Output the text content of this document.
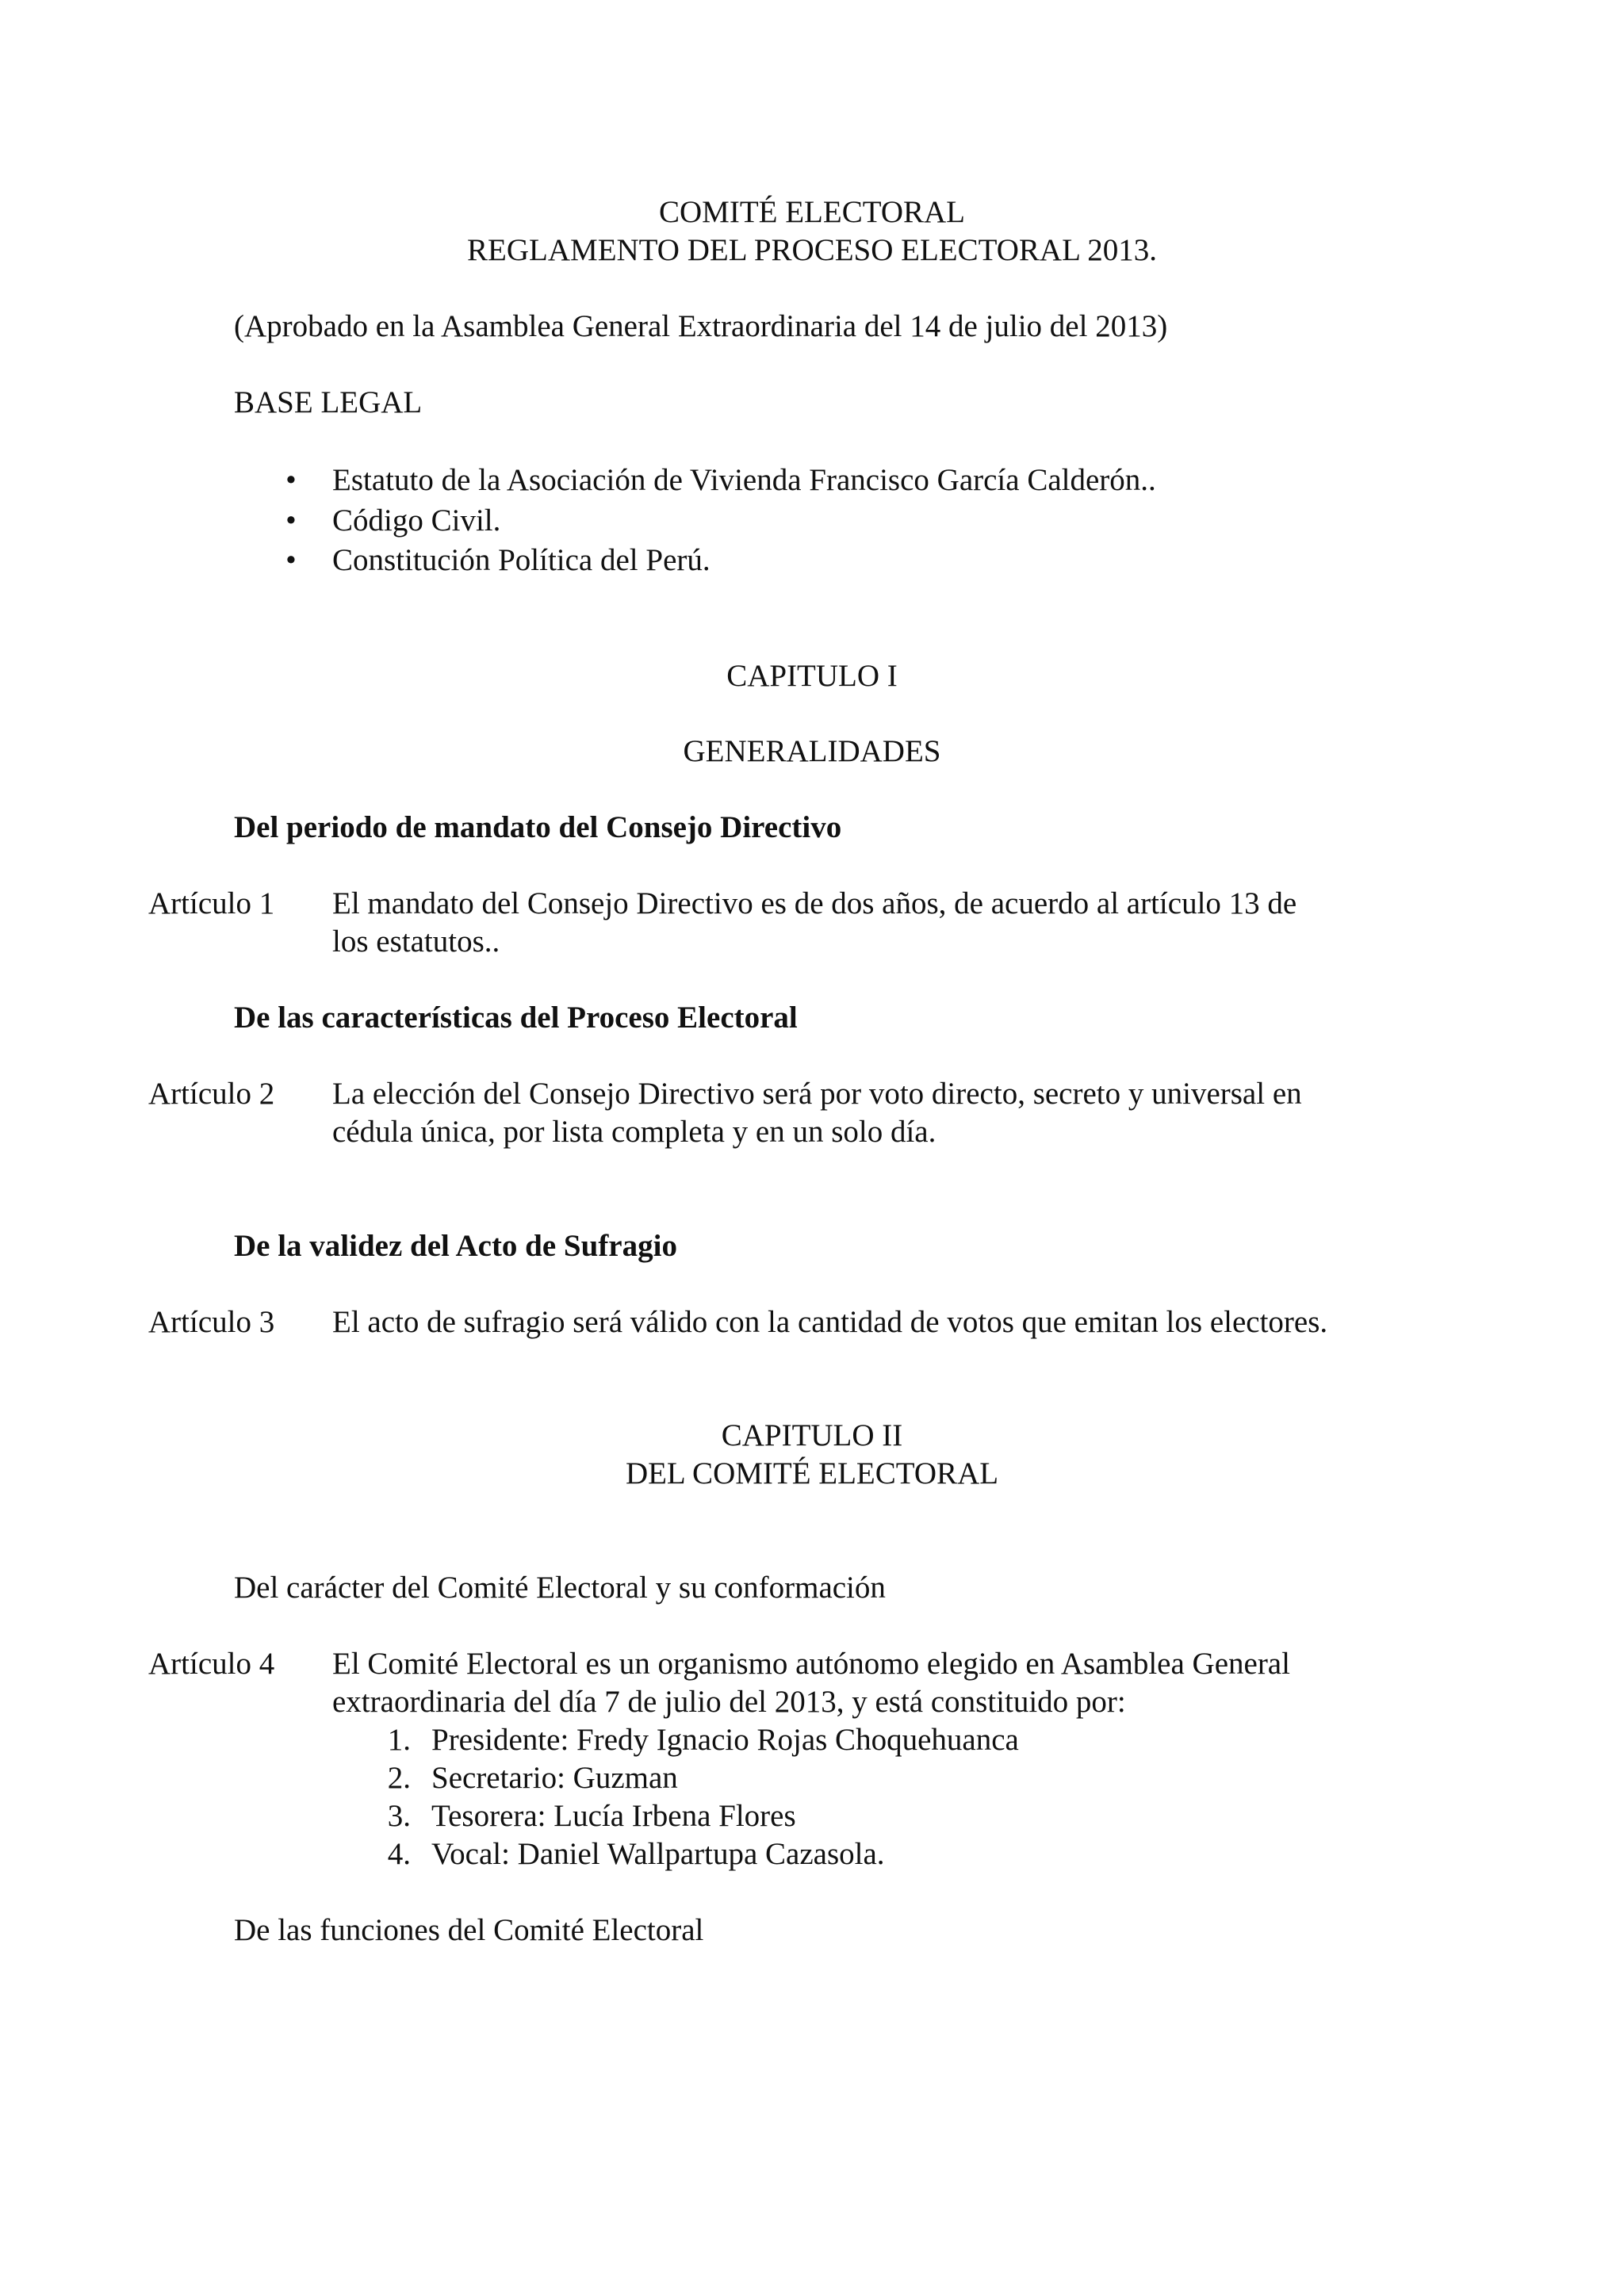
COMITÉ ELECTORAL
REGLAMENTO DEL PROCESO ELECTORAL 2013.
(Aprobado en la Asamblea General Extraordinaria del 14 de julio del 2013)
BASE LEGAL
•
Estatuto de la Asociación de Vivienda Francisco García Calderón..
•
Código Civil.
•
Constitución Política del Perú.
CAPITULO I
GENERALIDADES
Del periodo de mandato del Consejo Directivo
Artículo 1 El mandato del Consejo Directivo es de dos años, de acuerdo al artículo 13 de
los estatutos..
De las características del Proceso Electoral
Artículo 2 La elección del Consejo Directivo será por voto directo, secreto y universal en
cédula única, por lista completa y en un solo día.
De la validez del Acto de Sufragio
Artículo 3 El acto de sufragio será válido con la cantidad de votos que emitan los electores.
CAPITULO II
DEL COMITÉ ELECTORAL
Del carácter del Comité Electoral y su conformación
Artículo 4 El Comité Electoral es un organismo autónomo elegido en Asamblea General
extraordinaria del día 7 de julio del 2013, y está constituido por:
1. Presidente: Fredy Ignacio Rojas Choquehuanca
2. Secretario: Guzman
3. Tesorera: Lucía Irbena Flores
4. Vocal: Daniel Wallpartupa Cazasola.
De las funciones del Comité Electoral
